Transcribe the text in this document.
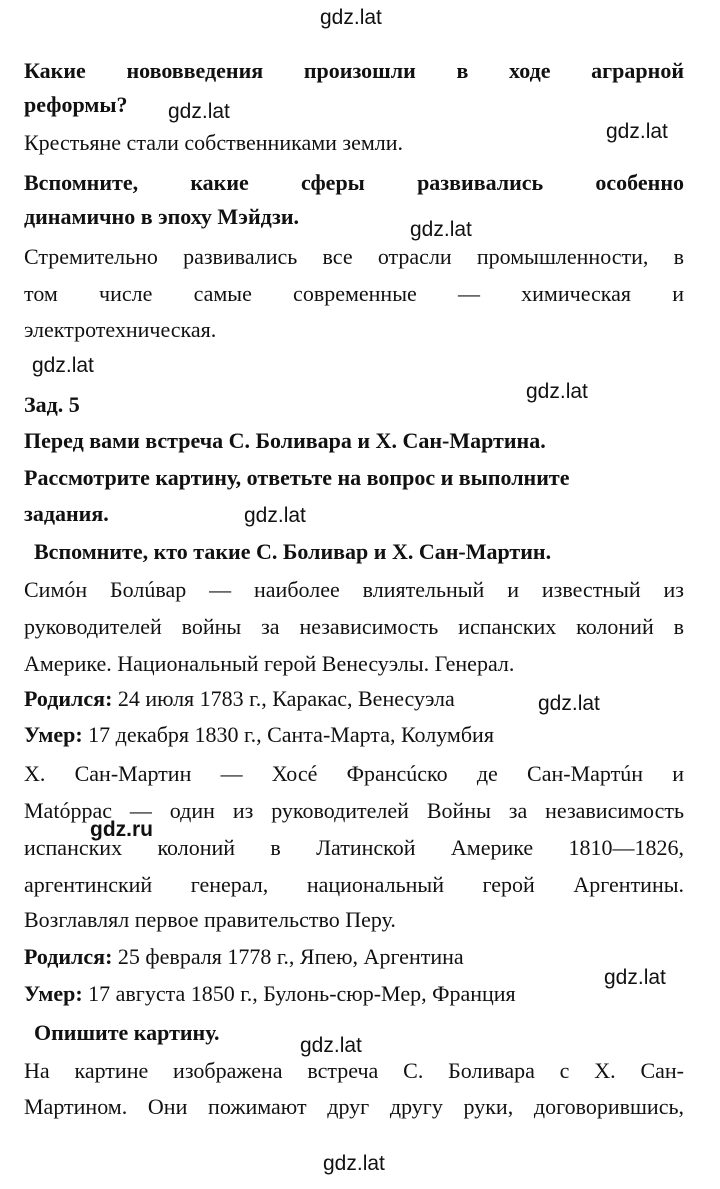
gdz.lat
gdz.lat
gdz.lat
gdz.lat
gdz.lat
gdz.lat
gdz.lat
gdz.lat
gdz.ru
gdz.lat
gdz.lat
gdz.lat
Какие нововведения произошли в ходе аграрной
реформы?
Крестьяне стали собственниками земли.
Вспомните, какие сферы развивались особенно
динамично в эпоху Мэйдзи.
Стремительно развивались все отрасли промышленности, в
том числе самые современные — химическая и
электротехническая.
Зад. 5
Перед вами встреча С. Боливара и Х. Сан-Мартина.
Рассмотрите картину, ответьте на вопрос и выполните
задания.
Вспомните, кто такие С. Боливар и Х. Сан-Мартин.
Симóн Болúвар — наиболее влиятельный и известный из
руководителей войны за независимость испанских колоний в
Америке. Национальный герой Венесуэлы. Генерал.
Родился: 24 июля 1783 г., Каракас, Венесуэла
Умер: 17 декабря 1830 г., Санта-Марта, Колумбия
Х. Сан-Мартин — Хосé Франсúско де Сан-Мартúн и
Matóррас — один из руководителей Войны за независимость
испанских колоний в Латинской Америке 1810—1826,
аргентинский генерал, национальный герой Аргентины.
Возглавлял первое правительство Перу.
Родился: 25 февраля 1778 г., Япею, Аргентина
Умер: 17 августа 1850 г., Булонь-сюр-Мер, Франция
Опишите картину.
На картине изображена встреча С. Боливара с Х. Сан-
Мартином. Они пожимают друг другу руки, договорившись,
